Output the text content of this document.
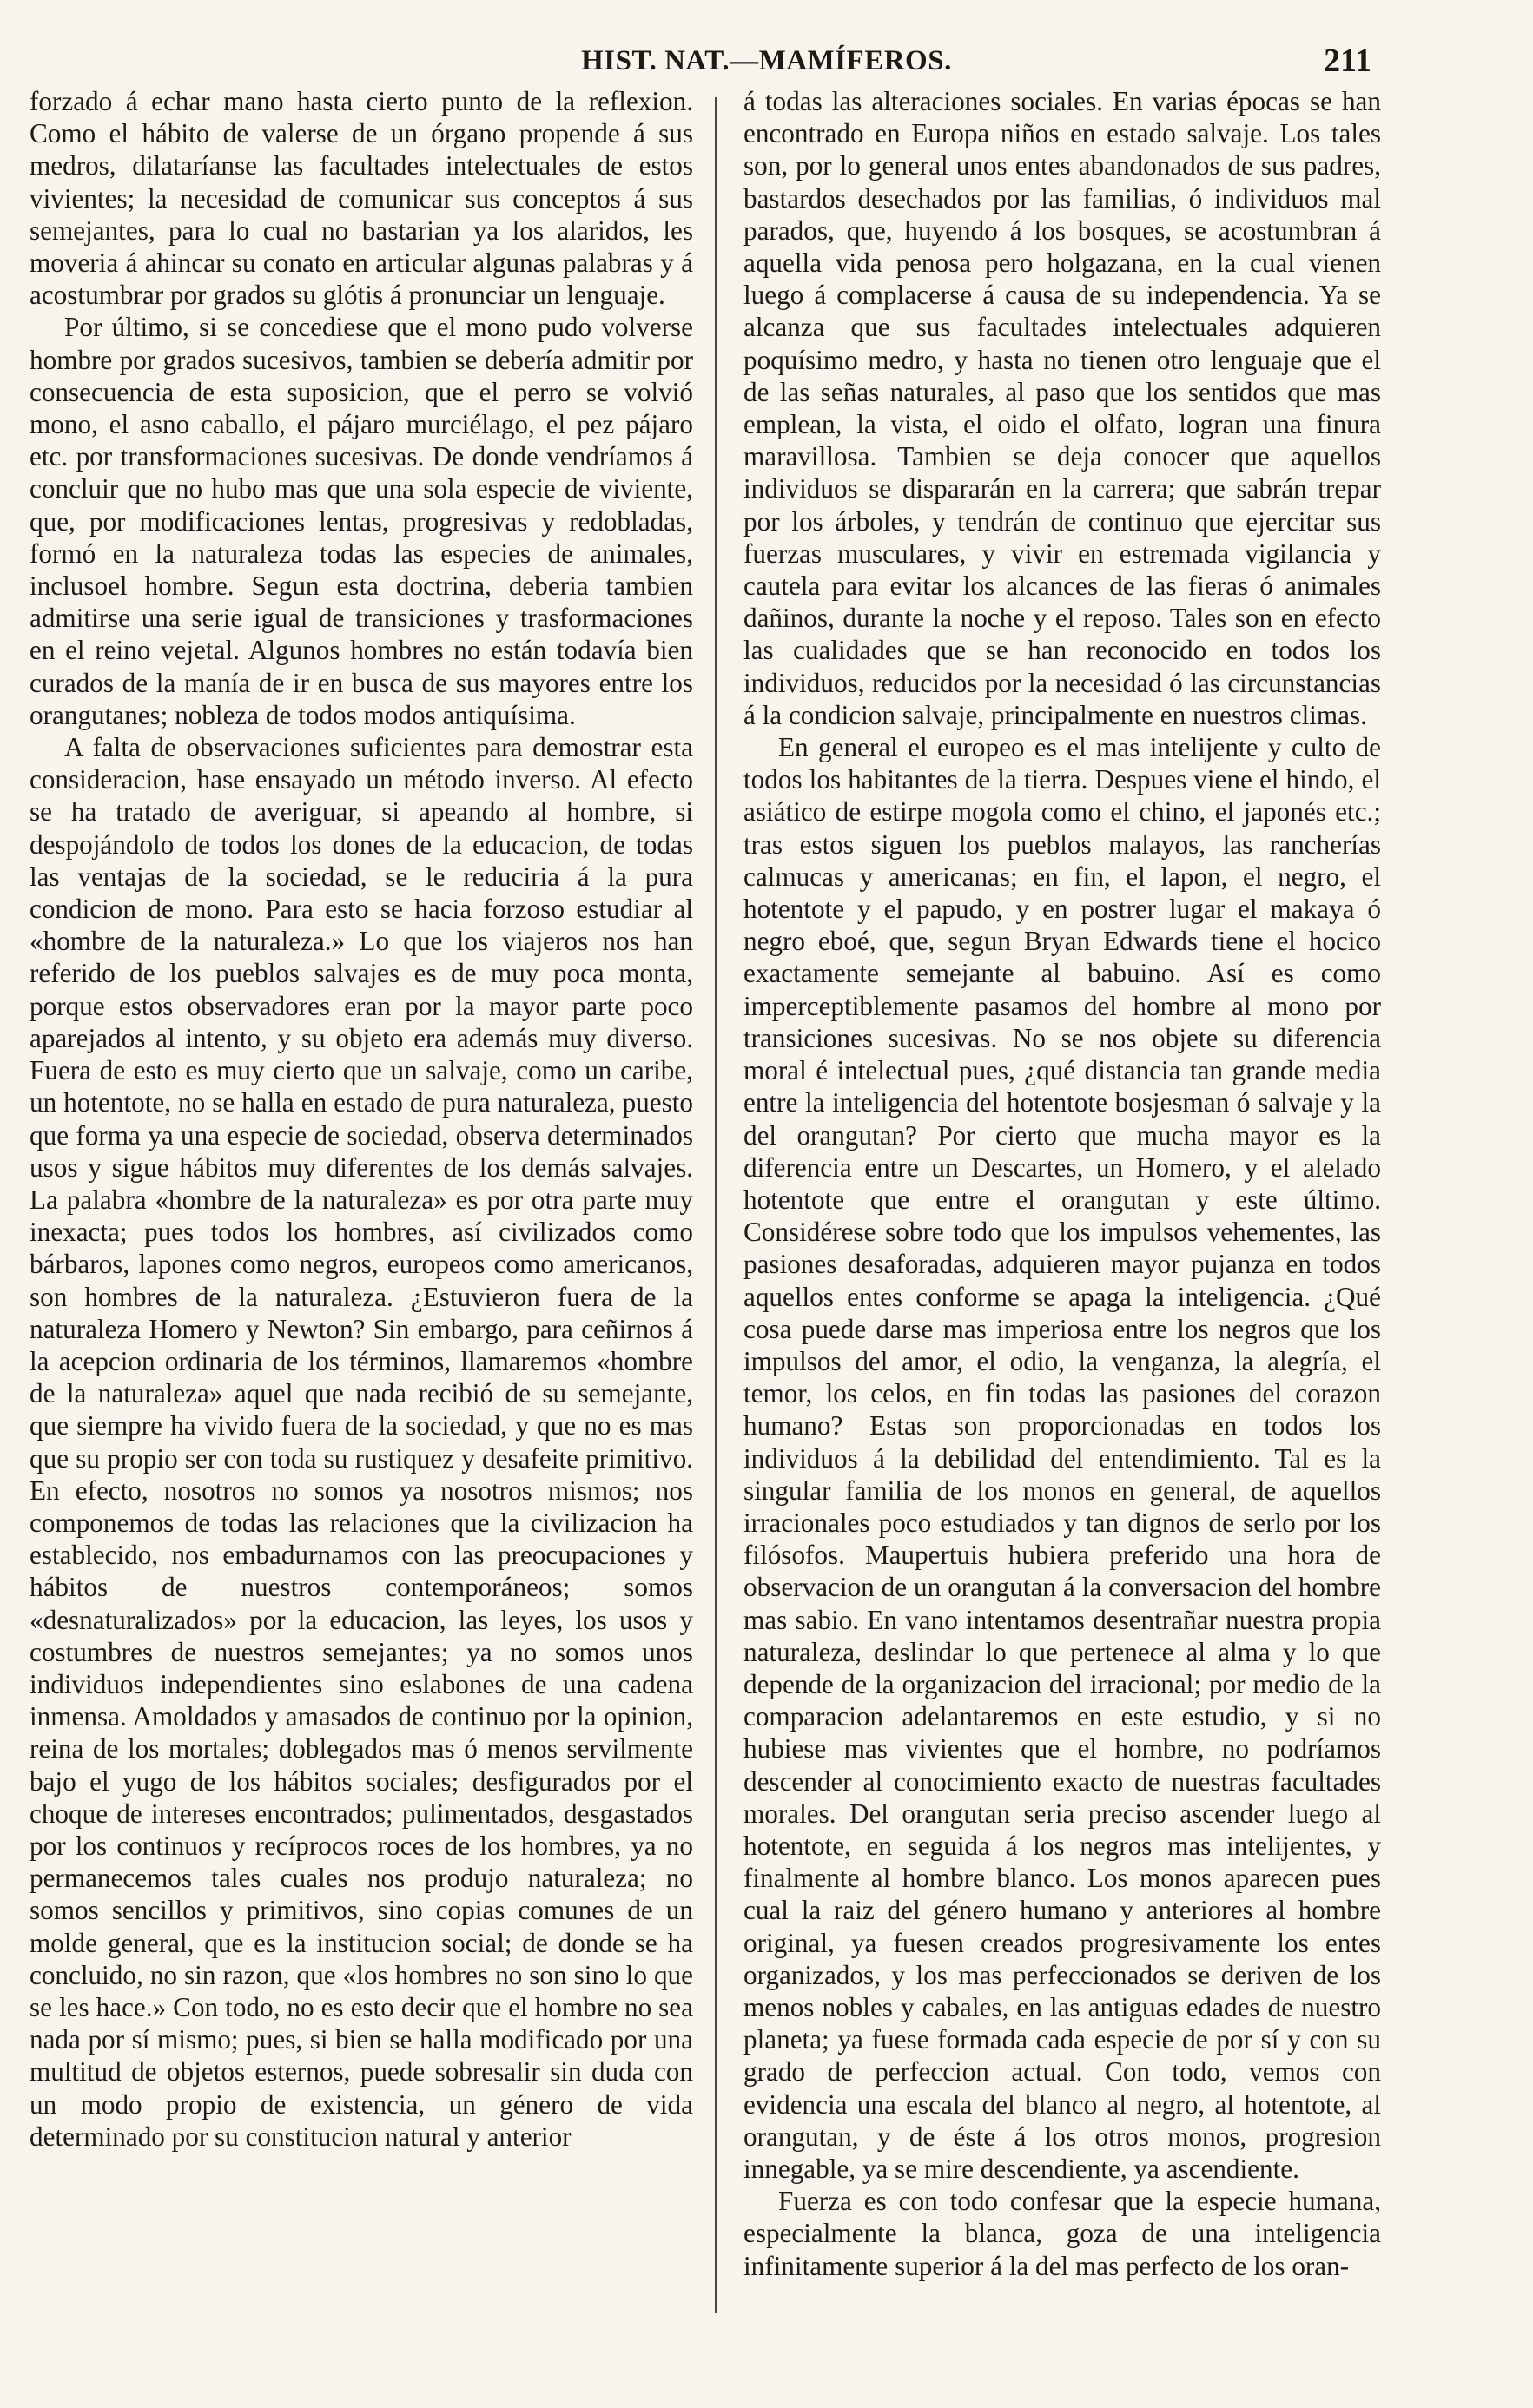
HIST. NAT.—MAMÍFEROS.	211

forzado á echar mano hasta cierto punto de la reflexion. Como el hábito de valerse de un órgano propende á sus medros, dilataríanse las facultades intelectuales de estos vivientes; la necesidad de comunicar sus conceptos á sus semejantes, para lo cual no bastarian ya los alaridos, les moveria á ahincar su conato en articular algunas palabras y á acostumbrar por grados su glótis á pronunciar un lenguaje.

Por último, si se concediese que el mono pudo volverse hombre por grados sucesivos, tambien se debería admitir por consecuencia de esta suposicion, que el perro se volvió mono, el asno caballo, el pájaro murciélago, el pez pájaro etc. por transformaciones sucesivas. De donde vendríamos á concluir que no hubo mas que una sola especie de viviente, que, por modificaciones lentas, progresivas y redobladas, formó en la naturaleza todas las especies de animales, inclusoel hombre. Segun esta doctrina, deberia tambien admitirse una serie igual de transiciones y trasformaciones en el reino vejetal. Algunos hombres no están todavía bien curados de la manía de ir en busca de sus mayores entre los orangutanes; nobleza de todos modos antiquísima.

A falta de observaciones suficientes para demostrar esta consideracion, hase ensayado un método inverso. Al efecto se ha tratado de averiguar, si apeando al hombre, si despojándolo de todos los dones de la educacion, de todas las ventajas de la sociedad, se le reduciria á la pura condicion de mono. Para esto se hacia forzoso estudiar al «hombre de la naturaleza.» Lo que los viajeros nos han referido de los pueblos salvajes es de muy poca monta, porque estos observadores eran por la mayor parte poco aparejados al intento, y su objeto era además muy diverso. Fuera de esto es muy cierto que un salvaje, como un caribe, un hotentote, no se halla en estado de pura naturaleza, puesto que forma ya una especie de sociedad, observa determinados usos y sigue hábitos muy diferentes de los demás salvajes. La palabra «hombre de la naturaleza» es por otra parte muy inexacta; pues todos los hombres, así civilizados como bárbaros, lapones como negros, europeos como americanos, son hombres de la naturaleza. ¿Estuvieron fuera de la naturaleza Homero y Newton? Sin embargo, para ceñirnos á la acepcion ordinaria de los términos, llamaremos «hombre de la naturaleza» aquel que nada recibió de su semejante, que siempre ha vivido fuera de la sociedad, y que no es mas que su propio ser con toda su rustiquez y desafeite primitivo. En efecto, nosotros no somos ya nosotros mismos; nos componemos de todas las relaciones que la civilizacion ha establecido, nos embadurnamos con las preocupaciones y hábitos de nuestros contemporáneos; somos «desnaturalizados» por la educacion, las leyes, los usos y costumbres de nuestros semejantes; ya no somos unos individuos independientes sino eslabones de una cadena inmensa. Amoldados y amasados de continuo por la opinion, reina de los mortales; doblegados mas ó menos servilmente bajo el yugo de los hábitos sociales; desfigurados por el choque de intereses encontrados; pulimentados, desgastados por los continuos y recíprocos roces de los hombres, ya no permanecemos tales cuales nos produjo naturaleza; no somos sencillos y primitivos, sino copias comunes de un molde general, que es la institucion social; de donde se ha concluido, no sin razon, que «los hombres no son sino lo que se les hace.» Con todo, no es esto decir que el hombre no sea nada por sí mismo; pues, si bien se halla modificado por una multitud de objetos esternos, puede sobresalir sin duda con un modo propio de existencia, un género de vida determinado por su constitucion natural y anterior

á todas las alteraciones sociales. En varias épocas se han encontrado en Europa niños en estado salvaje. Los tales son, por lo general unos entes abandonados de sus padres, bastardos desechados por las familias, ó individuos mal parados, que, huyendo á los bosques, se acostumbran á aquella vida penosa pero holgazana, en la cual vienen luego á complacerse á causa de su independencia. Ya se alcanza que sus facultades intelectuales adquieren poquísimo medro, y hasta no tienen otro lenguaje que el de las señas naturales, al paso que los sentidos que mas emplean, la vista, el oido el olfato, logran una finura maravillosa. Tambien se deja conocer que aquellos individuos se dispararán en la carrera; que sabrán trepar por los árboles, y tendrán de continuo que ejercitar sus fuerzas musculares, y vivir en estremada vigilancia y cautela para evitar los alcances de las fieras ó animales dañinos, durante la noche y el reposo. Tales son en efecto las cualidades que se han reconocido en todos los individuos, reducidos por la necesidad ó las circunstancias á la condicion salvaje, principalmente en nuestros climas.

En general el europeo es el mas intelijente y culto de todos los habitantes de la tierra. Despues viene el hindo, el asiático de estirpe mogola como el chino, el japonés etc.; tras estos siguen los pueblos malayos, las rancherías calmucas y americanas; en fin, el lapon, el negro, el hotentote y el papudo, y en postrer lugar el makaya ó negro eboé, que, segun Bryan Edwards tiene el hocico exactamente semejante al babuino. Así es como imperceptiblemente pasamos del hombre al mono por transiciones sucesivas. No se nos objete su diferencia moral é intelectual pues, ¿qué distancia tan grande media entre la inteligencia del hotentote bosjesman ó salvaje y la del orangutan? Por cierto que mucha mayor es la diferencia entre un Descartes, un Homero, y el alelado hotentote que entre el orangutan y este último. Considérese sobre todo que los impulsos vehementes, las pasiones desaforadas, adquieren mayor pujanza en todos aquellos entes conforme se apaga la inteligencia. ¿Qué cosa puede darse mas imperiosa entre los negros que los impulsos del amor, el odio, la venganza, la alegría, el temor, los celos, en fin todas las pasiones del corazon humano? Estas son proporcionadas en todos los individuos á la debilidad del entendimiento. Tal es la singular familia de los monos en general, de aquellos irracionales poco estudiados y tan dignos de serlo por los filósofos. Maupertuis hubiera preferido una hora de observacion de un orangutan á la conversacion del hombre mas sabio. En vano intentamos desentrañar nuestra propia naturaleza, deslindar lo que pertenece al alma y lo que depende de la organizacion del irracional; por medio de la comparacion adelantaremos en este estudio, y si no hubiese mas vivientes que el hombre, no podríamos descender al conocimiento exacto de nuestras facultades morales. Del orangutan seria preciso ascender luego al hotentote, en seguida á los negros mas intelijentes, y finalmente al hombre blanco. Los monos aparecen pues cual la raiz del género humano y anteriores al hombre original, ya fuesen creados progresivamente los entes organizados, y los mas perfeccionados se deriven de los menos nobles y cabales, en las antiguas edades de nuestro planeta; ya fuese formada cada especie de por sí y con su grado de perfeccion actual. Con todo, vemos con evidencia una escala del blanco al negro, al hotentote, al orangutan, y de éste á los otros monos, progresion innegable, ya se mire descendiente, ya ascendiente.

Fuerza es con todo confesar que la especie humana, especialmente la blanca, goza de una inteligencia infinitamente superior á la del mas perfecto de los oran-
